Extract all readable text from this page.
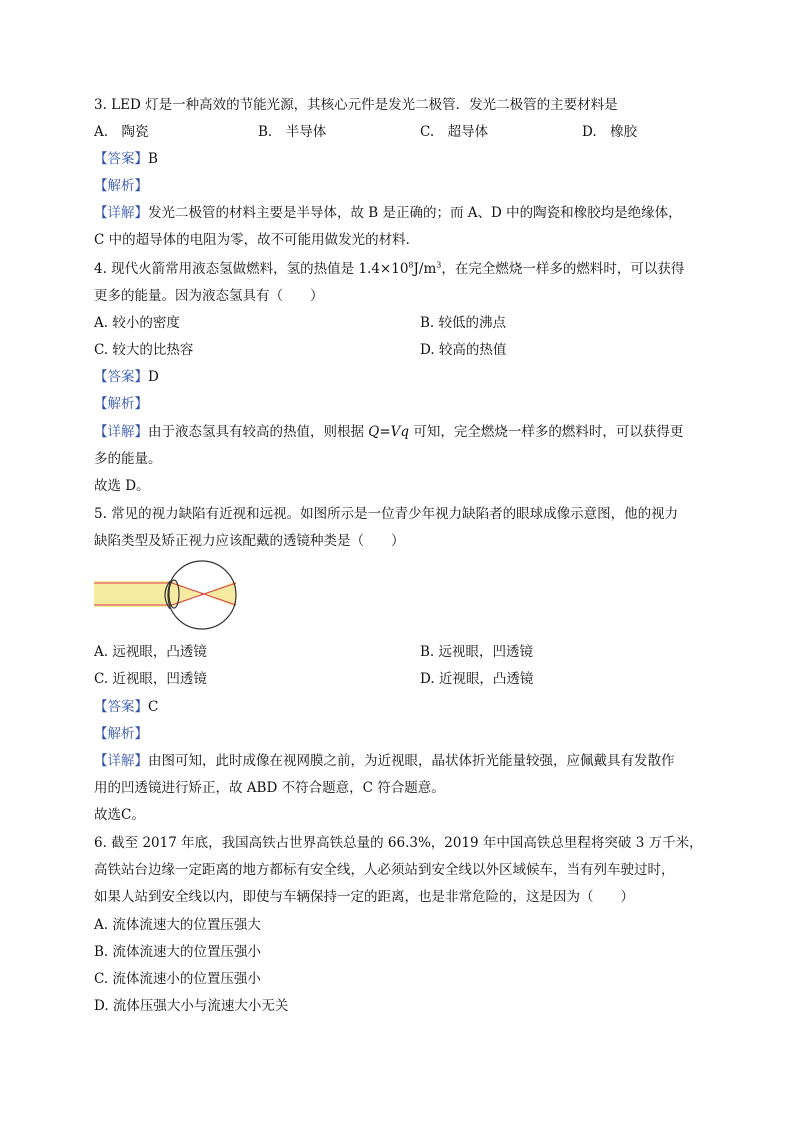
3. LED 灯是一种高效的节能光源，其核心元件是发光二极管．发光二极管的主要材料是
A.　陶瓷	B.　半导体	C.　超导体	D.　橡胶
【答案】B
【解析】
【详解】发光二极管的材料主要是半导体，故 B 是正确的；而 A、D 中的陶瓷和橡胶均是绝缘体，
C 中的超导体的电阻为零，故不可能用做发光的材料．
4. 现代火箭常用液态氢做燃料，氢的热值是 $1.4\times 10^8J/m^3$，在完全燃烧一样多的燃料时，可以获得
更多的能量。因为液态氢具有（　　）
A. 较小的密度	B. 较低的沸点
C. 较大的比热容	D. 较高的热值
【答案】D
【解析】
【详解】由于液态氢具有较高的热值，则根据 Q=Vq 可知，完全燃烧一样多的燃料时，可以获得更
多的能量。
故选 D。
5. 常见的视力缺陷有近视和远视。如图所示是一位青少年视力缺陷者的眼球成像示意图，他的视力
缺陷类型及矫正视力应该配戴的透镜种类是（　　）
A. 远视眼，凸透镜	B. 远视眼，凹透镜
C. 近视眼，凹透镜	D. 近视眼，凸透镜
【答案】C
【解析】
【详解】由图可知，此时成像在视网膜之前，为近视眼，晶状体折光能量较强，应佩戴具有发散作
用的凹透镜进行矫正，故 ABD 不符合题意，C 符合题意。
故选C。
6. 截至 2017 年底，我国高铁占世界高铁总量的 66.3%，2019 年中国高铁总里程将突破 3 万千米，
高铁站台边缘一定距离的地方都标有安全线，人必须站到安全线以外区域候车，当有列车驶过时，
如果人站到安全线以内，即使与车辆保持一定的距离，也是非常危险的，这是因为（　　）
A. 流体流速大的位置压强大
B. 流体流速大的位置压强小
C. 流体流速小的位置压强小
D. 流体压强大小与流速大小无关
